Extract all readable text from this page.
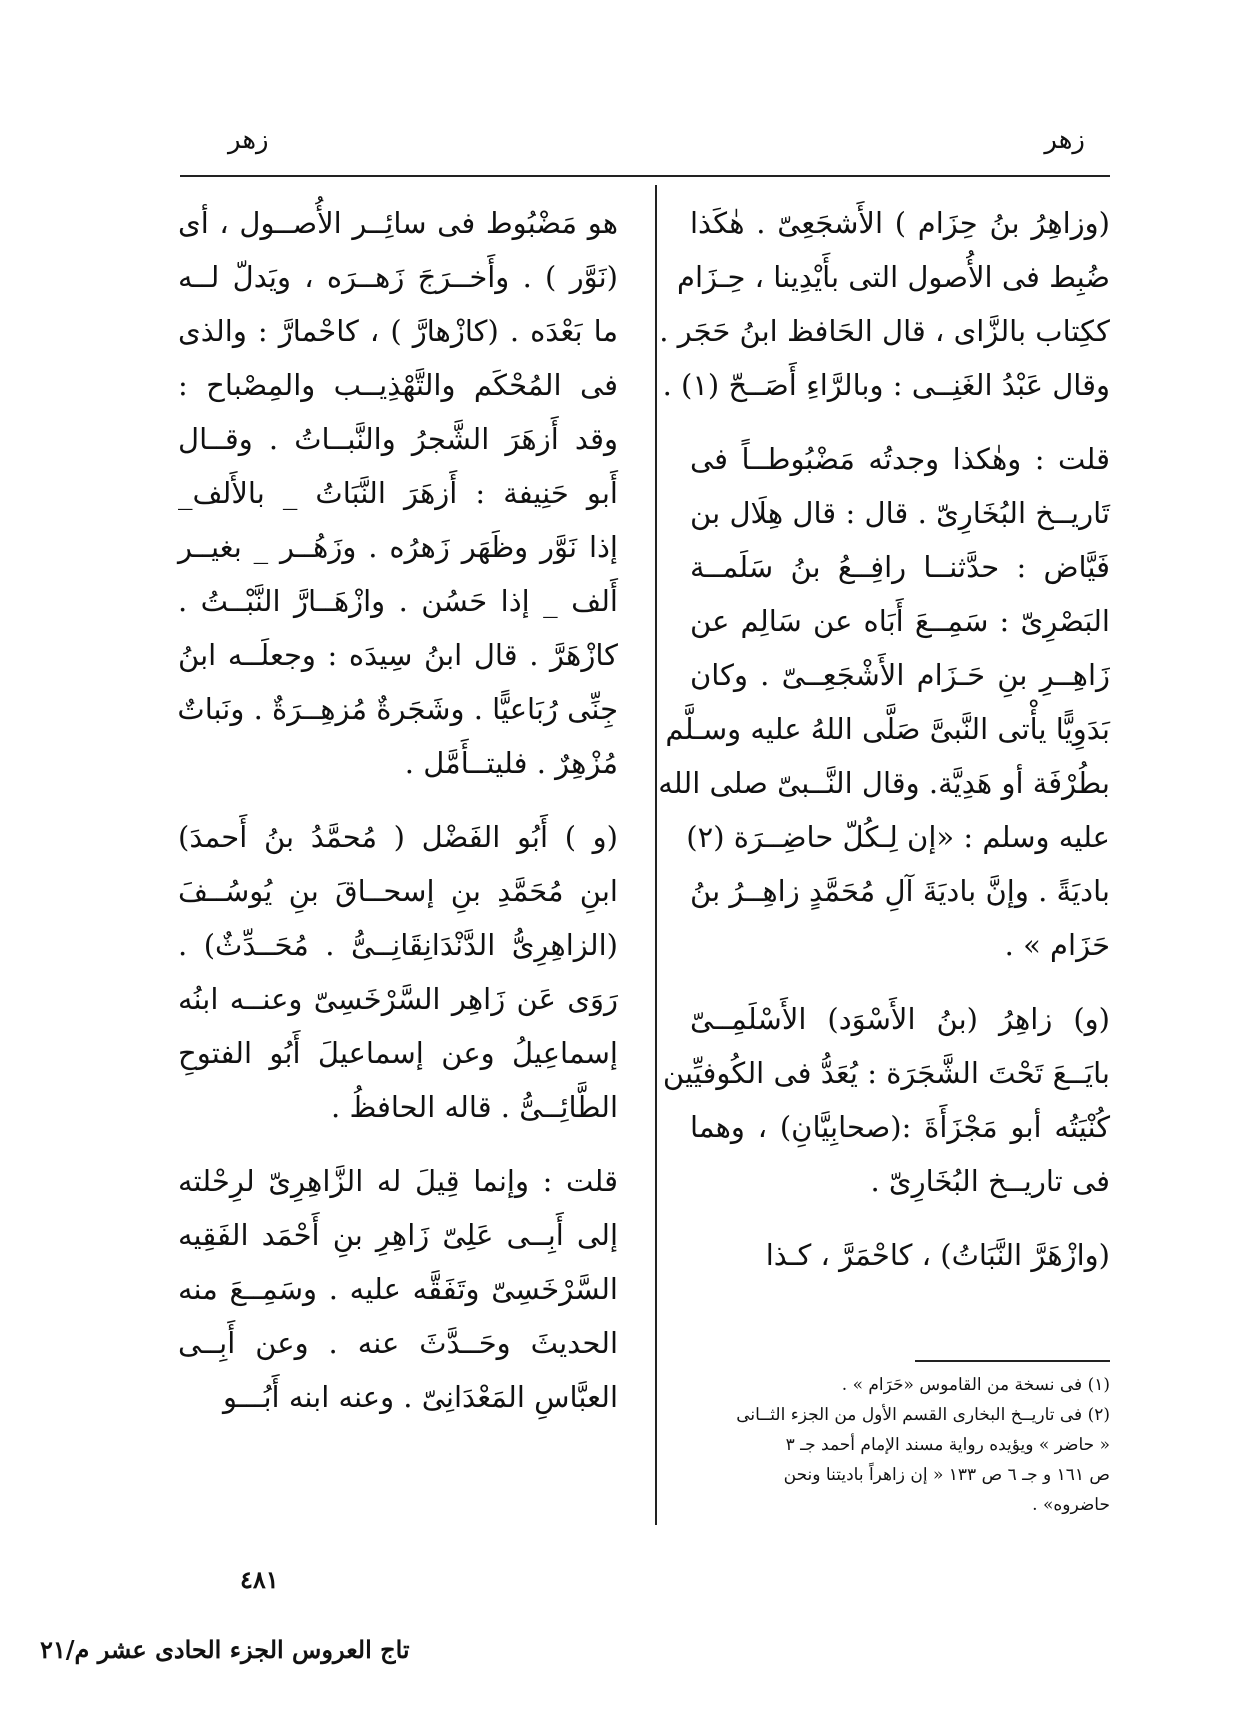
زهر
زهر
(وزاهِرُ بنُ حِزَام ) الأَشجَعِىّ . هٰكَذا
ضُبِط فى الأُصول التى بأَيْدِينا ، حِـزَام
ككِتاب بالزَّاى ، قال الحَافظ ابنُ حَجَر .
وقال عَبْدُ الغَنِــى : وبالرَّاءِ أَصَــحّ (١) .
قلت : وهٰكذا وجدتُه مَضْبُوطــاً فى
تَاريــخ البُخَارِىّ . قال : قال هِلَال بن
فَيَّاض : حدَّثنــا رافِــعُ بنُ سَلَمــة
البَصْرِىّ : سَمِــعَ أَبَاه عن سَالِم عن
زَاهِــرِ بنِ حَـزَام الأَشْجَعِــىّ . وكان
بَدَوِيًّا يأْتى النَّبىَّ صَلَّى اللهُ عليه وسـلَّم
بطُرْفَة أو هَدِيَّة. وقال النَّــبىّ صلى الله
عليه وسلم : «إن لِـكُلّ حاضِــرَة (٢)
باديَةً . وإنَّ باديَةَ آلِ مُحَمَّدٍ زاهِــرُ بنُ
حَزَام » .
(و) زاهِرُ (بنُ الأَسْوَد) الأَسْلَمِــىّ
بايَــعَ تَحْتَ الشَّجَرَة : يُعَدُّ فى الكُوفيِّين
كُنْيَتُه أبو مَجْزَأَةَ :(صحابِيَّانِ) ، وهما
فى تاريــخ البُخَارِىّ .
(وازْهَرَّ النَّبَاتُ) ، كاحْمَرَّ ، كـذا
هو مَضْبُوط فى سائِــر الأُصــول ، أى
(نَوَّر ) . وأَخــرَجَ زَهــرَه ، ويَدلّ لــه
ما بَعْدَه . (كازْهارَّ ) ، كاحْمارَّ : والذى
فى المُحْكَم والتَّهْذِيــب والمِصْباح :
وقد أَزهَرَ الشَّجرُ والنَّبــاتُ . وقــال
أَبو حَنِيفة : أَزهَرَ النَّبَاتُ _ بالأَلف_
إذا نَوَّر وظَهَر زَهرُه . وزَهُــر _ بغيــر
أَلف _ إذا حَسُن . وازْهَــارَّ النَّبْــتُ .
كازْهَرَّ . قال ابنُ سِيدَه : وجعلَــه ابنُ
جِنِّى رُبَاعيًّا . وشَجَرةٌ مُزهِــرَةٌ . ونَباتٌ
مُزْهِرٌ . فليتــأَمَّل .
(و ) أَبُو الفَضْل ( مُحمَّدُ بنُ أَحمدَ)
ابنِ مُحَمَّدِ بنِ إسحــاقَ بنِ يُوسُــفَ
(الزاهِرِىُّ الدَّنْدَانِقَانِــىُّ . مُحَــدِّثٌ) .
رَوَى عَن زَاهِر السَّرْخَسِىّ وعنــه ابنُه
إسماعِيلُ وعن إسماعيلَ أَبُو الفتوحِ
الطَّائِــىُّ . قاله الحافظُ .
قلت : وإنما قِيلَ له الزَّاهِرِىّ لرِحْلته
إلى أَبِــى عَلِىّ زَاهِرِ بنِ أَحْمَد الفَقِيه
السَّرْخَسِىّ وتَفَقَّه عليه . وسَمِــعَ منه
الحديثَ وحَــدَّثَ عنه . وعن أَبِــى
العبَّاسِ المَعْدَانِىّ . وعنه ابنه أَبُـــو	(١) فى نسخة من القاموس «حَرَام » .
(٢) فى تاريــخ البخارى القسم الأول من الجزء الثــانى
« حاضر » ويؤيده رواية مسند الإمام أحمد جـ ٣
ص ١٦١ و جـ ٦ ص ١٣٣ « إن زاهراً باديتنا ونحن
حاضروه» .
٤٨١
تاج العروس الجزء الحادى عشر م/٢١
